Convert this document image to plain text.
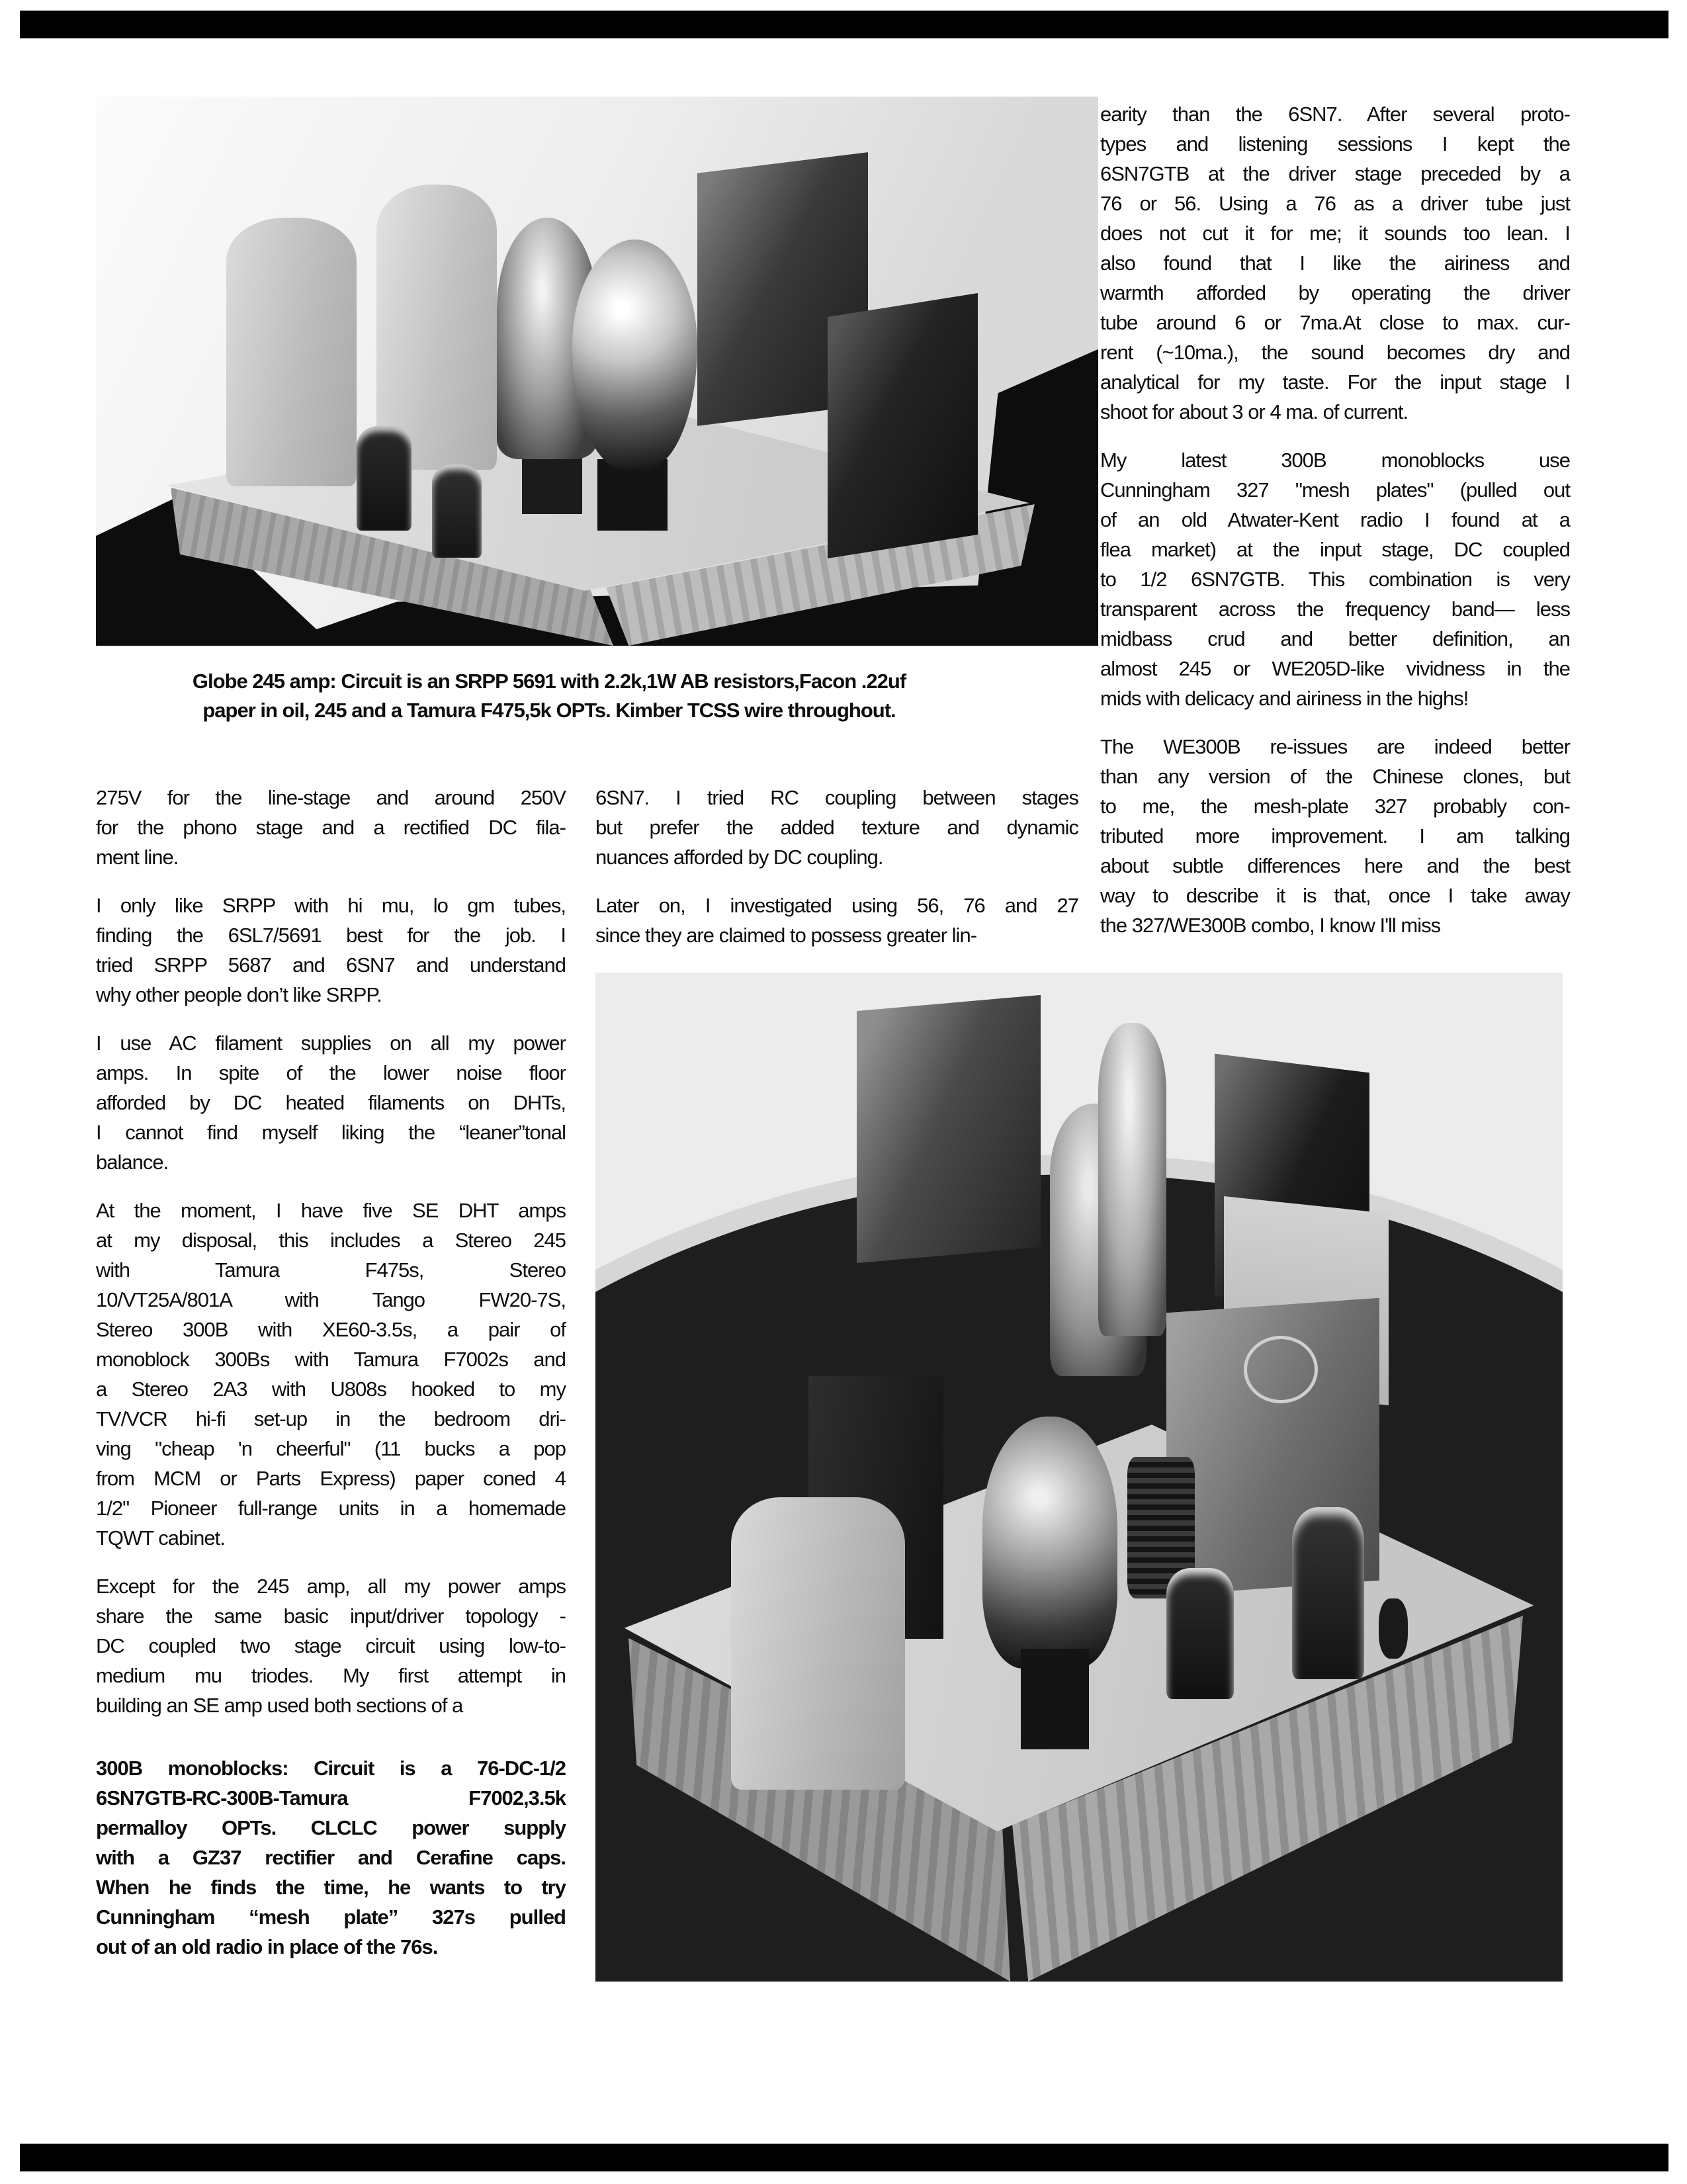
Globe 245 amp: Circuit is an SRPP 5691 with 2.2k,1W AB resistors,Facon .22uf
paper in oil, 245 and a Tamura F475,5k OPTs. Kimber TCSS wire throughout.
275V for the line-stage and around 250V
for the phono stage and a rectified DC fila-
ment line.
I only like SRPP with hi mu, lo gm tubes,
finding the 6SL7/5691 best for the job. I
tried SRPP 5687 and 6SN7 and understand
why other people don’t like SRPP.
I use AC filament supplies on all my power
amps. In spite of the lower noise floor
afforded by DC heated filaments on DHTs,
I cannot find myself liking the “leaner”tonal
balance.
At the moment, I have five SE DHT amps
at my disposal, this includes a Stereo 245
with Tamura F475s, Stereo
10/VT25A/801A with Tango FW20-7S,
Stereo 300B with XE60-3.5s, a pair of
monoblock 300Bs with Tamura F7002s and
a Stereo 2A3 with U808s hooked to my
TV/VCR hi-fi set-up in the bedroom dri-
ving "cheap 'n cheerful" (11 bucks a pop
from MCM or Parts Express) paper coned 4
1/2" Pioneer full-range units in a homemade
TQWT cabinet.
Except for the 245 amp, all my power amps
share the same basic input/driver topology -
DC coupled two stage circuit using low-to-
medium mu triodes. My first attempt in
building an SE amp used both sections of a
300B monoblocks: Circuit is a 76-DC-1/2
6SN7GTB-RC-300B-Tamura F7002,3.5k
permalloy OPTs. CLCLC power supply
with a GZ37 rectifier and Cerafine caps.
When he finds the time, he wants to try
Cunningham “mesh plate” 327s pulled
out of an old radio in place of the 76s.
6SN7. I tried RC coupling between stages
but prefer the added texture and dynamic
nuances afforded by DC coupling.
Later on, I investigated using 56, 76 and 27
since they are claimed to possess greater lin-
earity than the 6SN7. After several proto-
types and listening sessions I kept the
6SN7GTB at the driver stage preceded by a
76 or 56. Using a 76 as a driver tube just
does not cut it for me; it sounds too lean. I
also found that I like the airiness and
warmth afforded by operating the driver
tube around 6 or 7ma.At close to max. cur-
rent (~10ma.), the sound becomes dry and
analytical for my taste. For the input stage I
shoot for about 3 or 4 ma. of current.
My latest 300B monoblocks use
Cunningham 327 "mesh plates" (pulled out
of an old Atwater-Kent radio I found at a
flea market) at the input stage, DC coupled
to 1/2 6SN7GTB. This combination is very
transparent across the frequency band— less
midbass crud and better definition, an
almost 245 or WE205D-like vividness in the
mids with delicacy and airiness in the highs!
The WE300B re-issues are indeed better
than any version of the Chinese clones, but
to me, the mesh-plate 327 probably con-
tributed more improvement. I am talking
about subtle differences here and the best
way to describe it is that, once I take away
the 327/WE300B combo, I know I'll miss
